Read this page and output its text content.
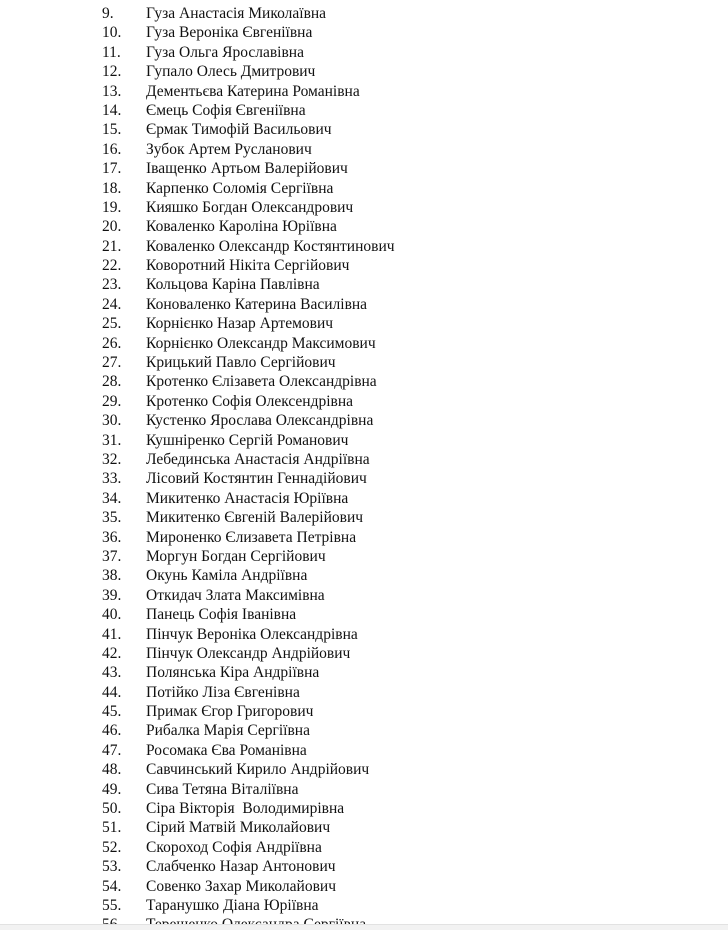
9. Гуза Анастасія Миколаївна
10. Гуза Вероніка Євгеніївна
11. Гуза Ольга Ярославівна
12. Гупало Олесь Дмитрович
13. Дементьєва Катерина Романівна
14. Ємець Софія Євгеніївна
15. Єрмак Тимофій Васильович
16. Зубок Артем Русланович
17. Іващенко Артьом Валерійович
18. Карпенко Соломія Сергіївна
19. Кияшко Богдан Олександрович
20. Коваленко Кароліна Юріївна
21. Коваленко Олександр Костянтинович
22. Коворотний Нікіта Сергійович
23. Кольцова Каріна Павлівна
24. Коноваленко Катерина Василівна
25. Корнієнко Назар Артемович
26. Корнієнко Олександр Максимович
27. Крицький Павло Сергійович
28. Кротенко Єлізавета Олександрівна
29. Кротенко Софія Олексендрівна
30. Кустенко Ярослава Олександрівна
31. Кушніренко Сергій Романович
32. Лебединська Анастасія Андріївна
33. Лісовий Костянтин Геннадійович
34. Микитенко Анастасія Юріївна
35. Микитенко Євгеній Валерійович
36. Мироненко Єлизавета Петрівна
37. Моргун Богдан Сергійович
38. Окунь Каміла Андріївна
39. Откидач Злата Максимівна
40. Панець Софія Іванівна
41. Пінчук Вероніка Олександрівна
42. Пінчук Олександр Андрійович
43. Полянська Кіра Андріївна
44. Потійко Ліза Євгенівна
45. Примак Єгор Григорович
46. Рибалка Марія Сергіївна
47. Росомака Єва Романівна
48. Савчинський Кирило Андрійович
49. Сива Тетяна Віталіївна
50. Сіра Вікторія  Володимирівна
51. Сірий Матвій Миколайович
52. Скороход Софія Андріївна
53. Слабченко Назар Антонович
54. Совенко Захар Миколайович
55. Таранушко Діана Юріївна
